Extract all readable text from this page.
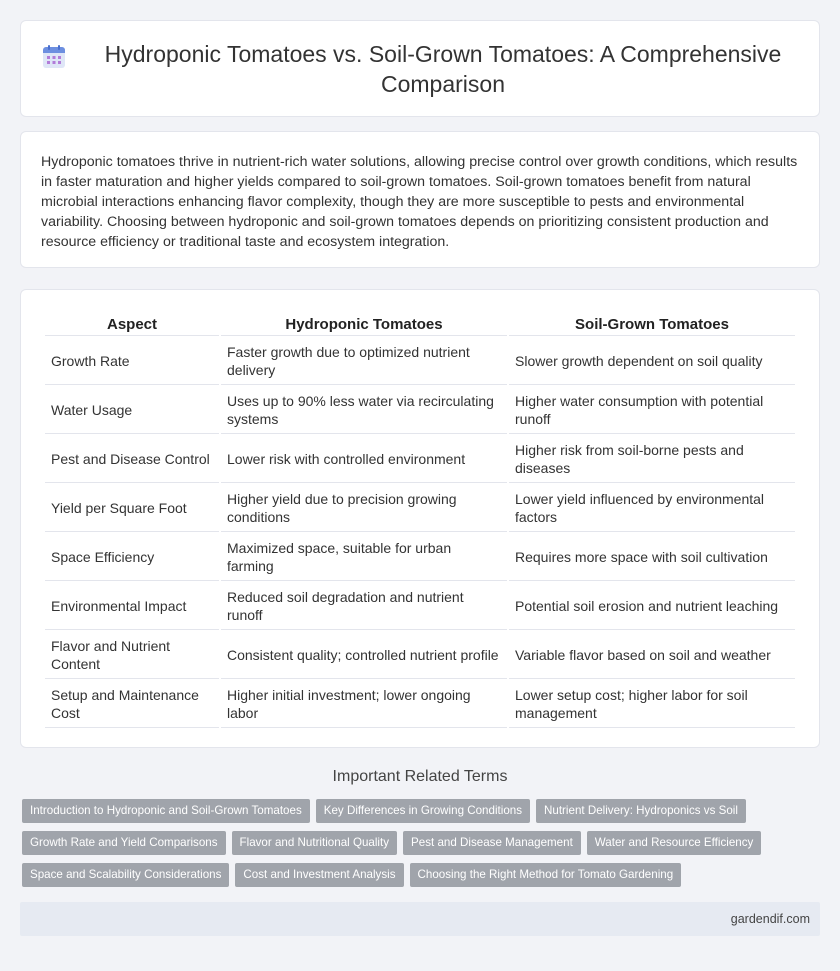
Hydroponic Tomatoes vs. Soil-Grown Tomatoes: A Comprehensive Comparison

Hydroponic tomatoes thrive in nutrient-rich water solutions, allowing precise control over growth conditions, which results in faster maturation and higher yields compared to soil-grown tomatoes. Soil-grown tomatoes benefit from natural microbial interactions enhancing flavor complexity, though they are more susceptible to pests and environmental variability. Choosing between hydroponic and soil-grown tomatoes depends on prioritizing consistent production and resource efficiency or traditional taste and ecosystem integration.

Aspect	Hydroponic Tomatoes	Soil-Grown Tomatoes
Growth Rate	Faster growth due to optimized nutrient delivery	Slower growth dependent on soil quality
Water Usage	Uses up to 90% less water via recirculating systems	Higher water consumption with potential runoff
Pest and Disease Control	Lower risk with controlled environment	Higher risk from soil-borne pests and diseases
Yield per Square Foot	Higher yield due to precision growing conditions	Lower yield influenced by environmental factors
Space Efficiency	Maximized space, suitable for urban farming	Requires more space with soil cultivation
Environmental Impact	Reduced soil degradation and nutrient runoff	Potential soil erosion and nutrient leaching
Flavor and Nutrient Content	Consistent quality; controlled nutrient profile	Variable flavor based on soil and weather
Setup and Maintenance Cost	Higher initial investment; lower ongoing labor	Lower setup cost; higher labor for soil management
Important Related Terms
Introduction to Hydroponic and Soil-Grown Tomatoes	Key Differences in Growing Conditions	Nutrient Delivery: Hydroponics vs Soil
Growth Rate and Yield Comparisons	Flavor and Nutritional Quality	Pest and Disease Management	Water and Resource Efficiency
Space and Scalability Considerations	Cost and Investment Analysis	Choosing the Right Method for Tomato Gardening
gardendif.com
